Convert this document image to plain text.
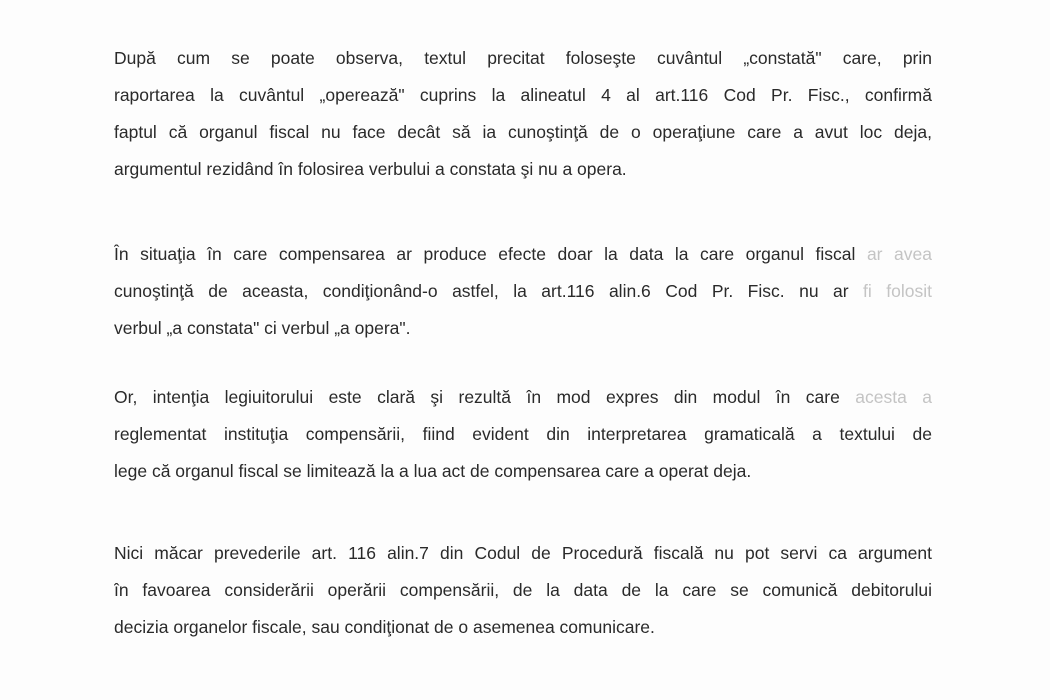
După cum se poate observa, textul precitat foloseşte cuvântul „constată" care, prin
raportarea la cuvântul „operează" cuprins la alineatul 4 al art.116 Cod Pr. Fisc., confirmă
faptul că organul fiscal nu face decât să ia cunoştinţă de o operaţiune care a avut loc deja,
argumentul rezidând în folosirea verbului a constata şi nu a opera.

În situaţia în care compensarea ar produce efecte doar la data la care organul fiscal ar avea
cunoştinţă de aceasta, condiţionând-o astfel, la art.116 alin.6 Cod Pr. Fisc. nu ar fi folosit
verbul „a constata" ci verbul „a opera".

Or, intenţia legiuitorului este clară şi rezultă în mod expres din modul în care acesta a
reglementat instituţia compensării, fiind evident din interpretarea gramaticală a textului de
lege că organul fiscal se limitează la a lua act de compensarea care a operat deja.

Nici măcar prevederile art. 116 alin.7 din Codul de Procedură fiscală nu pot servi ca argument
în favoarea considerării operării compensării, de la data de la care se comunică debitorului
decizia organelor fiscale, sau condiţionat de o asemenea comunicare.
